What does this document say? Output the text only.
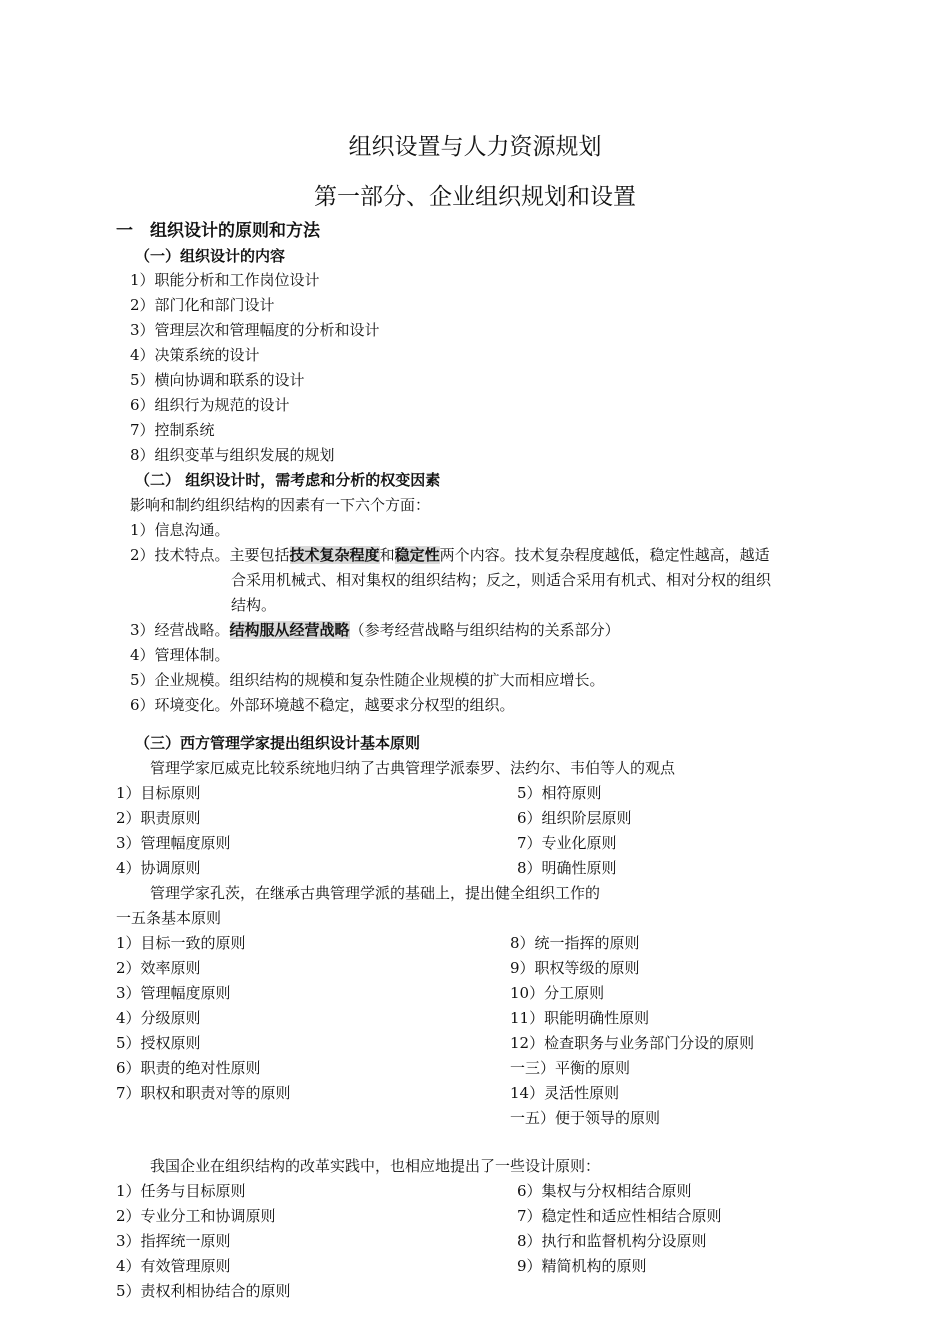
组织设置与人力资源规划
第一部分、企业组织规划和设置
一　组织设计的原则和方法
（一）组织设计的内容
1）职能分析和工作岗位设计
2）部门化和部门设计
3）管理层次和管理幅度的分析和设计
4）决策系统的设计
5）横向协调和联系的设计
6）组织行为规范的设计
7）控制系统
8）组织变革与组织发展的规划
（二） 组织设计时，需考虑和分析的权变因素
影响和制约组织结构的因素有一下六个方面：
1）信息沟通。
2）技术特点。主要包括技术复杂程度和稳定性两个内容。技术复杂程度越低，稳定性越高，越适
合采用机械式、相对集权的组织结构；反之，则适合采用有机式、相对分权的组织
结构。
3）经营战略。结构服从经营战略（参考经营战略与组织结构的关系部分）
4）管理体制。
5）企业规模。组织结构的规模和复杂性随企业规模的扩大而相应增长。
6）环境变化。外部环境越不稳定，越要求分权型的组织。
（三）西方管理学家提出组织设计基本原则
管理学家厄威克比较系统地归纳了古典管理学派泰罗、法约尔、韦伯等人的观点
1）目标原则
2）职责原则
3）管理幅度原则
4）协调原则
5）相符原则
6）组织阶层原则
7）专业化原则
8）明确性原则
管理学家孔茨，在继承古典管理学派的基础上，提出健全组织工作的
一五条基本原则
1）目标一致的原则
2）效率原则
3）管理幅度原则
4）分级原则
5）授权原则
6）职责的绝对性原则
7）职权和职责对等的原则
8）统一指挥的原则
9）职权等级的原则
10）分工原则
11）职能明确性原则
12）检查职务与业务部门分设的原则
一三）平衡的原则
14）灵活性原则
一五）便于领导的原则
我国企业在组织结构的改革实践中，也相应地提出了一些设计原则：
1）任务与目标原则
2）专业分工和协调原则
3）指挥统一原则
4）有效管理原则
5）责权利相协结合的原则
6）集权与分权相结合原则
7）稳定性和适应性相结合原则
8）执行和监督机构分设原则
9）精简机构的原则
